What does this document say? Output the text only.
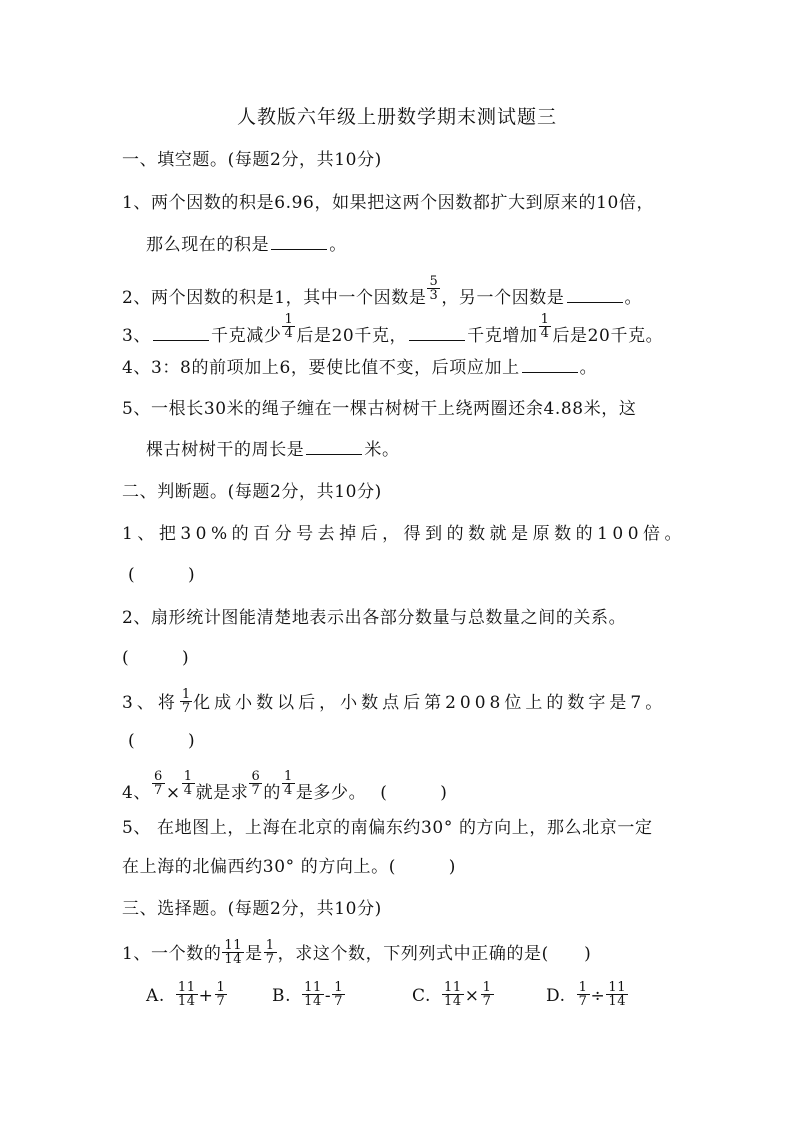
人教版六年级上册数学期末测试题三
一、填空题。(每题2分，共10分)
1、两个因数的积是6.96，如果把这两个因数都扩大到原来的10倍，
那么现在的积是	。
2、两个因数的积是1，其中一个因数是 $\frac{5}{3}$ ，另一个因数是	。
3、	千克减少 $\frac{1}{4}$ 后是20千克，	千克增加 $\frac{1}{4}$ 后是20千克。
4、3：8的前项加上6，要使比值不变，后项应加上	。
5、一根长30米的绳子缠在一棵古树树干上绕两圈还余4.88米，这
棵古树树干的周长是	米。
二、判断题。(每题2分，共10分)
1、把30%的百分号去掉后，得到的数就是原数的100倍。
(　　　)
2、扇形统计图能清楚地表示出各部分数量与总数量之间的关系。
(　　　)
3、将 $\frac{1}{7}$ 化成小数以后，小数点后第2008位上的数字是7。
(　　　)
4、 $\frac{6}{7} \times \frac{1}{4}$ 就是求 $\frac{6}{7}$ 的 $\frac{1}{4}$ 是多少。 (　　　)
5、 在地图上，上海在北京的南偏东约30° 的方向上，那么北京一定
在上海的北偏西约30° 的方向上。(　　　)
三、选择题。(每题2分，共10分)
1、一个数的 $\frac{11}{14}$ 是 $\frac{1}{7}$ ，求这个数，下列列式中正确的是(　　)
A. $\frac{11}{14} + \frac{1}{7}$	B. $\frac{11}{14} - \frac{1}{7}$	C. $\frac{11}{14} \times \frac{1}{7}$	D. $\frac{1}{7} \div \frac{11}{14}$
